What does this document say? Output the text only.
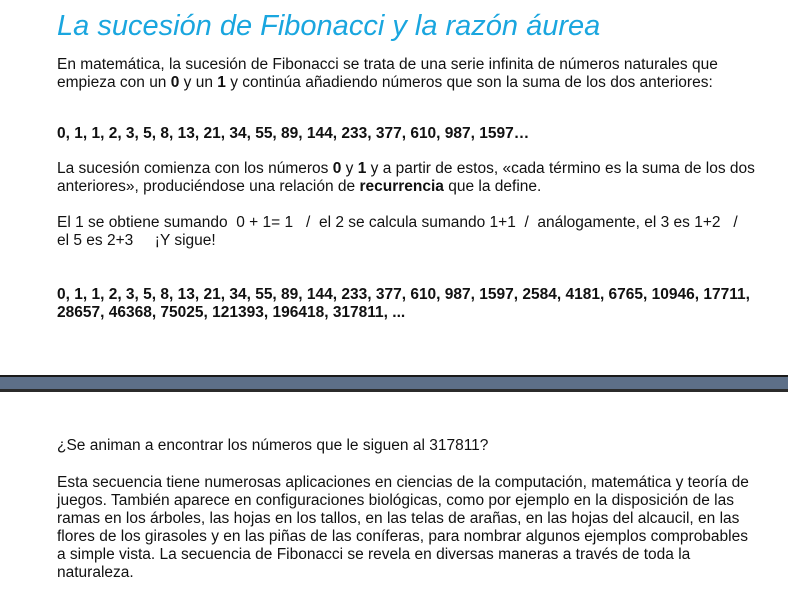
La sucesión de Fibonacci y la razón áurea

En matemática, la sucesión de Fibonacci se trata de una serie infinita de números naturales que empieza con un 0 y un 1 y continúa añadiendo números que son la suma de los dos anteriores:

0, 1, 1, 2, 3, 5, 8, 13, 21, 34, 55, 89, 144, 233, 377, 610, 987, 1597…

La sucesión comienza con los números 0 y 1 y a partir de estos, «cada término es la suma de los dos anteriores», produciéndose una relación de recurrencia que la define.

El 1 se obtiene sumando  0 + 1= 1   /  el 2 se calcula sumando 1+1  /  análogamente, el 3 es 1+2   /   el 5 es 2+3     ¡Y sigue!

0, 1, 1, 2, 3, 5, 8, 13, 21, 34, 55, 89, 144, 233, 377, 610, 987, 1597, 2584, 4181, 6765, 10946, 17711, 28657, 46368, 75025, 121393, 196418, 317811, ...

¿Se animan a encontrar los números que le siguen al 317811?

Esta secuencia tiene numerosas aplicaciones en ciencias de la computación, matemática y teoría de juegos. También aparece en configuraciones biológicas, como por ejemplo en la disposición de las ramas en los árboles, las hojas en los tallos, en las telas de arañas, en las hojas del alcaucil, en las flores de los girasoles y en las piñas de las coníferas, para nombrar algunos ejemplos comprobables a simple vista. La secuencia de Fibonacci se revela en diversas maneras a través de toda la naturaleza.
